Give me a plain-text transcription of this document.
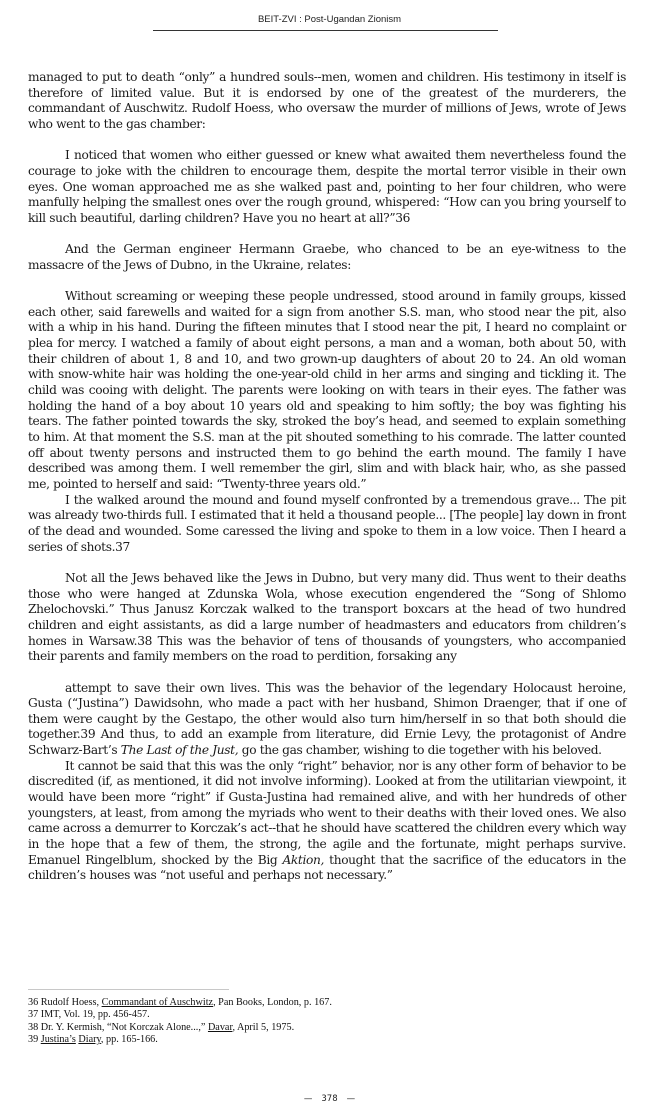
BEIT-ZVI : Post-Ugandan Zionism

managed to put to death “only” a hundred souls--men, women and children. His testimony in itself is therefore of limited value. But it is endorsed by one of the greatest of the murderers, the commandant of Auschwitz. Rudolf Hoess, who oversaw the murder of millions of Jews, wrote of Jews who went to the gas chamber:

I noticed that women who either guessed or knew what awaited them nevertheless found the courage to joke with the children to encourage them, despite the mortal terror visible in their own eyes. One woman approached me as she walked past and, pointing to her four children, who were manfully helping the smallest ones over the rough ground, whispered: “How can you bring yourself to kill such beautiful, darling children? Have you no heart at all?”36

And the German engineer Hermann Graebe, who chanced to be an eye-witness to the massacre of the Jews of Dubno, in the Ukraine, relates:

Without screaming or weeping these people undressed, stood around in family groups, kissed each other, said farewells and waited for a sign from another S.S. man, who stood near the pit, also with a whip in his hand. During the fifteen minutes that I stood near the pit, I heard no complaint or plea for mercy. I watched a family of about eight persons, a man and a woman, both about 50, with their children of about 1, 8 and 10, and two grown-up daughters of about 20 to 24. An old woman with snow-white hair was holding the one-year-old child in her arms and singing and tickling it. The child was cooing with delight. The parents were looking on with tears in their eyes. The father was holding the hand of a boy about 10 years old and speaking to him softly; the boy was fighting his tears. The father pointed towards the sky, stroked the boy’s head, and seemed to explain something to him. At that moment the S.S. man at the pit shouted something to his comrade. The latter counted off about twenty persons and instructed them to go behind the earth mound. The family I have described was among them. I well remember the girl, slim and with black hair, who, as she passed me, pointed to herself and said: “Twenty-three years old.”

I the walked around the mound and found myself confronted by a tremendous grave... The pit was already two-thirds full. I estimated that it held a thousand people... [The people] lay down in front of the dead and wounded. Some caressed the living and spoke to them in a low voice. Then I heard a series of shots.37

Not all the Jews behaved like the Jews in Dubno, but very many did. Thus went to their deaths those who were hanged at Zdunska Wola, whose execution engendered the “Song of Shlomo Zhelochovski.” Thus Janusz Korczak walked to the transport boxcars at the head of two hundred children and eight assistants, as did a large number of headmasters and educators from children’s homes in Warsaw.38 This was the behavior of tens of thousands of youngsters, who accompanied their parents and family members on the road to perdition, forsaking any

attempt to save their own lives. This was the behavior of the legendary Holocaust heroine, Gusta (“Justina”) Dawidsohn, who made a pact with her husband, Shimon Draenger, that if one of them were caught by the Gestapo, the other would also turn him/herself in so that both should die together.39 And thus, to add an example from literature, did Ernie Levy, the protagonist of Andre Schwarz-Bart’s The Last of the Just, go the gas chamber, wishing to die together with his beloved.

It cannot be said that this was the only “right” behavior, nor is any other form of behavior to be discredited (if, as mentioned, it did not involve informing). Looked at from the utilitarian viewpoint, it would have been more “right” if Gusta-Justina had remained alive, and with her hundreds of other youngsters, at least, from among the myriads who went to their deaths with their loved ones. We also came across a demurrer to Korczak’s act--that he should have scattered the children every which way in the hope that a few of them, the strong, the agile and the fortunate, might perhaps survive. Emanuel Ringelblum, shocked by the Big Aktion, thought that the sacrifice of the educators in the children’s houses was “not useful and perhaps not necessary.”

36 Rudolf Hoess, Commandant of Auschwitz, Pan Books, London, p. 167.

37 IMT, Vol. 19, pp. 456-457.

38 Dr. Y. Kermish, “Not Korczak Alone...,” Davar, April 5, 1975.

39 Justina’s Diary, pp. 165-166.

— 378 —
